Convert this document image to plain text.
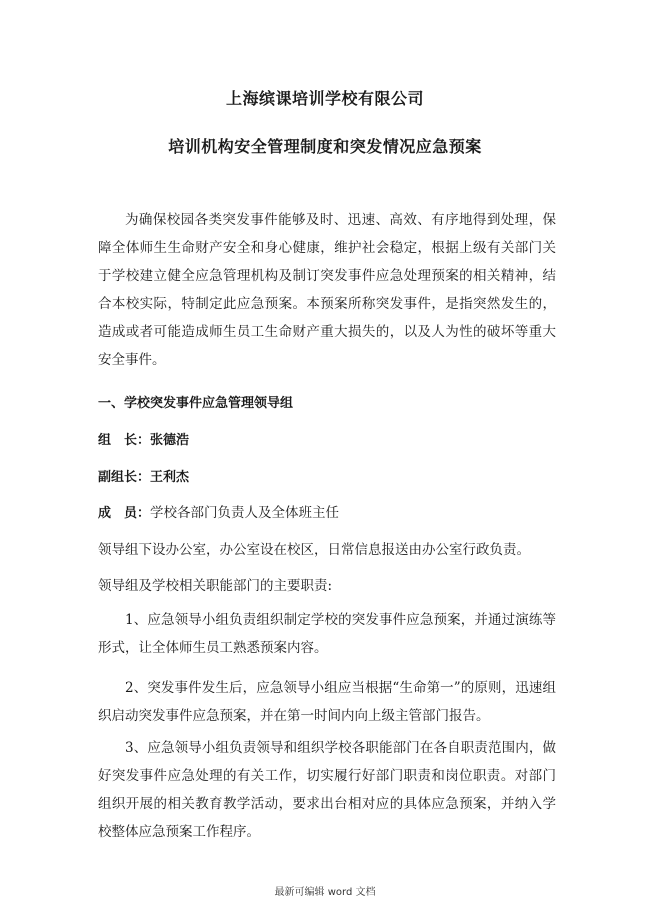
上海缤课培训学校有限公司
培训机构安全管理制度和突发情况应急预案
为确保校园各类突发事件能够及时、迅速、高效、有序地得到处理，保障全体师生生命财产安全和身心健康，维护社会稳定，根据上级有关部门关于学校建立健全应急管理机构及制订突发事件应急处理预案的相关精神，结合本校实际，特制定此应急预案。本预案所称突发事件，是指突然发生的，造成或者可能造成师生员工生命财产重大损失的，以及人为性的破坏等重大安全事件。
一、学校突发事件应急管理领导组
组　长：张德浩
副组长：王利杰
成　员：学校各部门负责人及全体班主任
领导组下设办公室，办公室设在校区，日常信息报送由办公室行政负责。
领导组及学校相关职能部门的主要职责:
1、应急领导小组负责组织制定学校的突发事件应急预案，并通过演练等形式，让全体师生员工熟悉预案内容。
2、突发事件发生后，应急领导小组应当根据“生命第一”的原则，迅速组织启动突发事件应急预案，并在第一时间内向上级主管部门报告。
3、应急领导小组负责领导和组织学校各职能部门在各自职责范围内，做好突发事件应急处理的有关工作，切实履行好部门职责和岗位职责。对部门组织开展的相关教育教学活动，要求出台相对应的具体应急预案，并纳入学校整体应急预案工作程序。
最新可编辑 word 文档
